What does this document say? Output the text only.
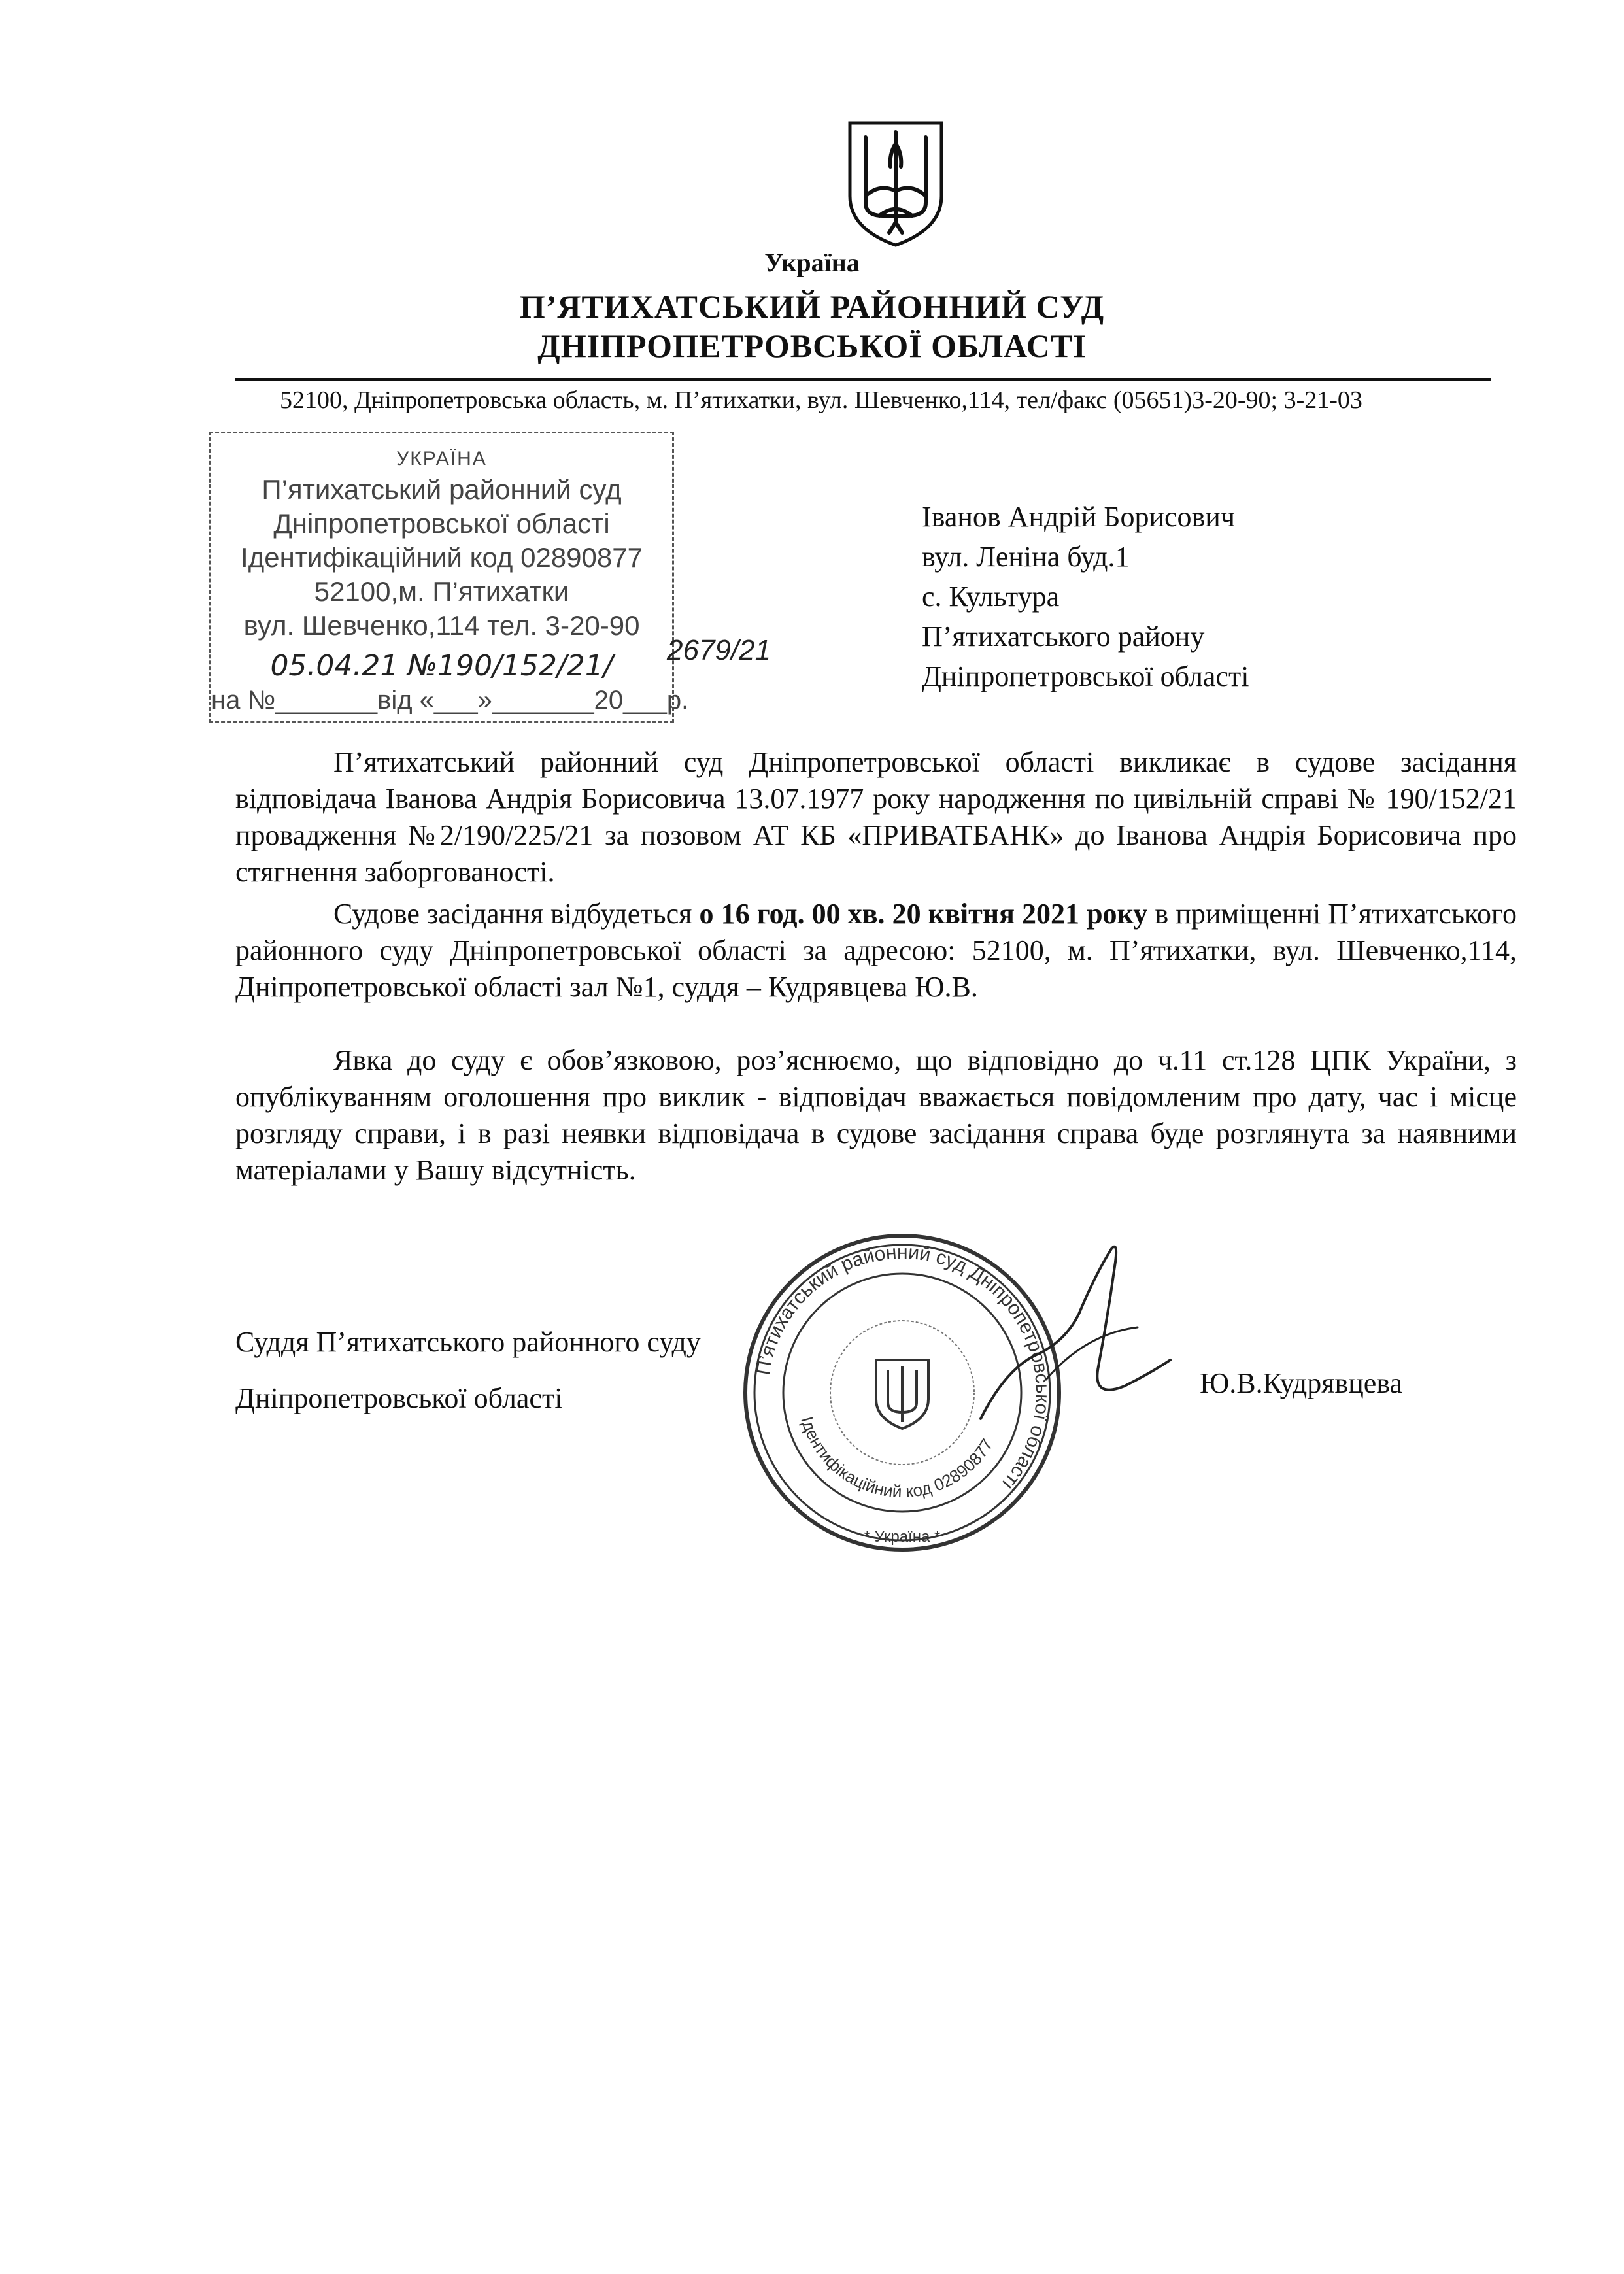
Україна
П’ЯТИХАТСЬКИЙ РАЙОННИЙ СУД
ДНІПРОПЕТРОВСЬКОЇ ОБЛАСТІ
52100, Дніпропетровська область, м. П’ятихатки, вул. Шевченко,114, тел/факс (05651)3-20-90; 3-21-03
УКРАЇНА
П’ятихатський районний суд
Дніпропетровської області
Ідентифікаційний код 02890877
52100,м. П’ятихатки
вул. Шевченко,114 тел. 3-20-90
05.04.21 №190/152/21/
на №_______від «___»_______20___р.
2679/21
Іванов Андрій Борисович
вул. Леніна буд.1
с. Культура
П’ятихатського району
Дніпропетровської області
П’ятихатський районний суд Дніпропетровської області викликає в судове засідання відповідача Іванова Андрія Борисовича 13.07.1977 року народження по цивільній справі № 190/152/21 провадження №2/190/225/21 за позовом АТ КБ «ПРИВАТБАНК» до Іванова Андрія Борисовича про стягнення заборгованості.
Судове засідання відбудеться о 16 год. 00 хв. 20 квітня 2021 року в приміщенні П’ятихатського районного суду Дніпропетровської області за адресою: 52100, м. П’ятихатки, вул. Шевченко,114, Дніпропетровської області зал №1, суддя – Кудрявцева Ю.В.
Явка до суду є обов’язковою, роз’яснюємо, що відповідно до ч.11 ст.128 ЦПК України, з опублікуванням оголошення про виклик - відповідач вважається повідомленим про дату, час і місце розгляду справи, і в разі неявки відповідача в судове засідання справа буде розглянута за наявними матеріалами у Вашу відсутність.
Суддя П’ятихатського районного суду
Дніпропетровської області	Ю.В.Кудрявцева
П’ятихатський районний суд Дніпропетровської області
Ідентифікаційний код 02890877
* Україна *
